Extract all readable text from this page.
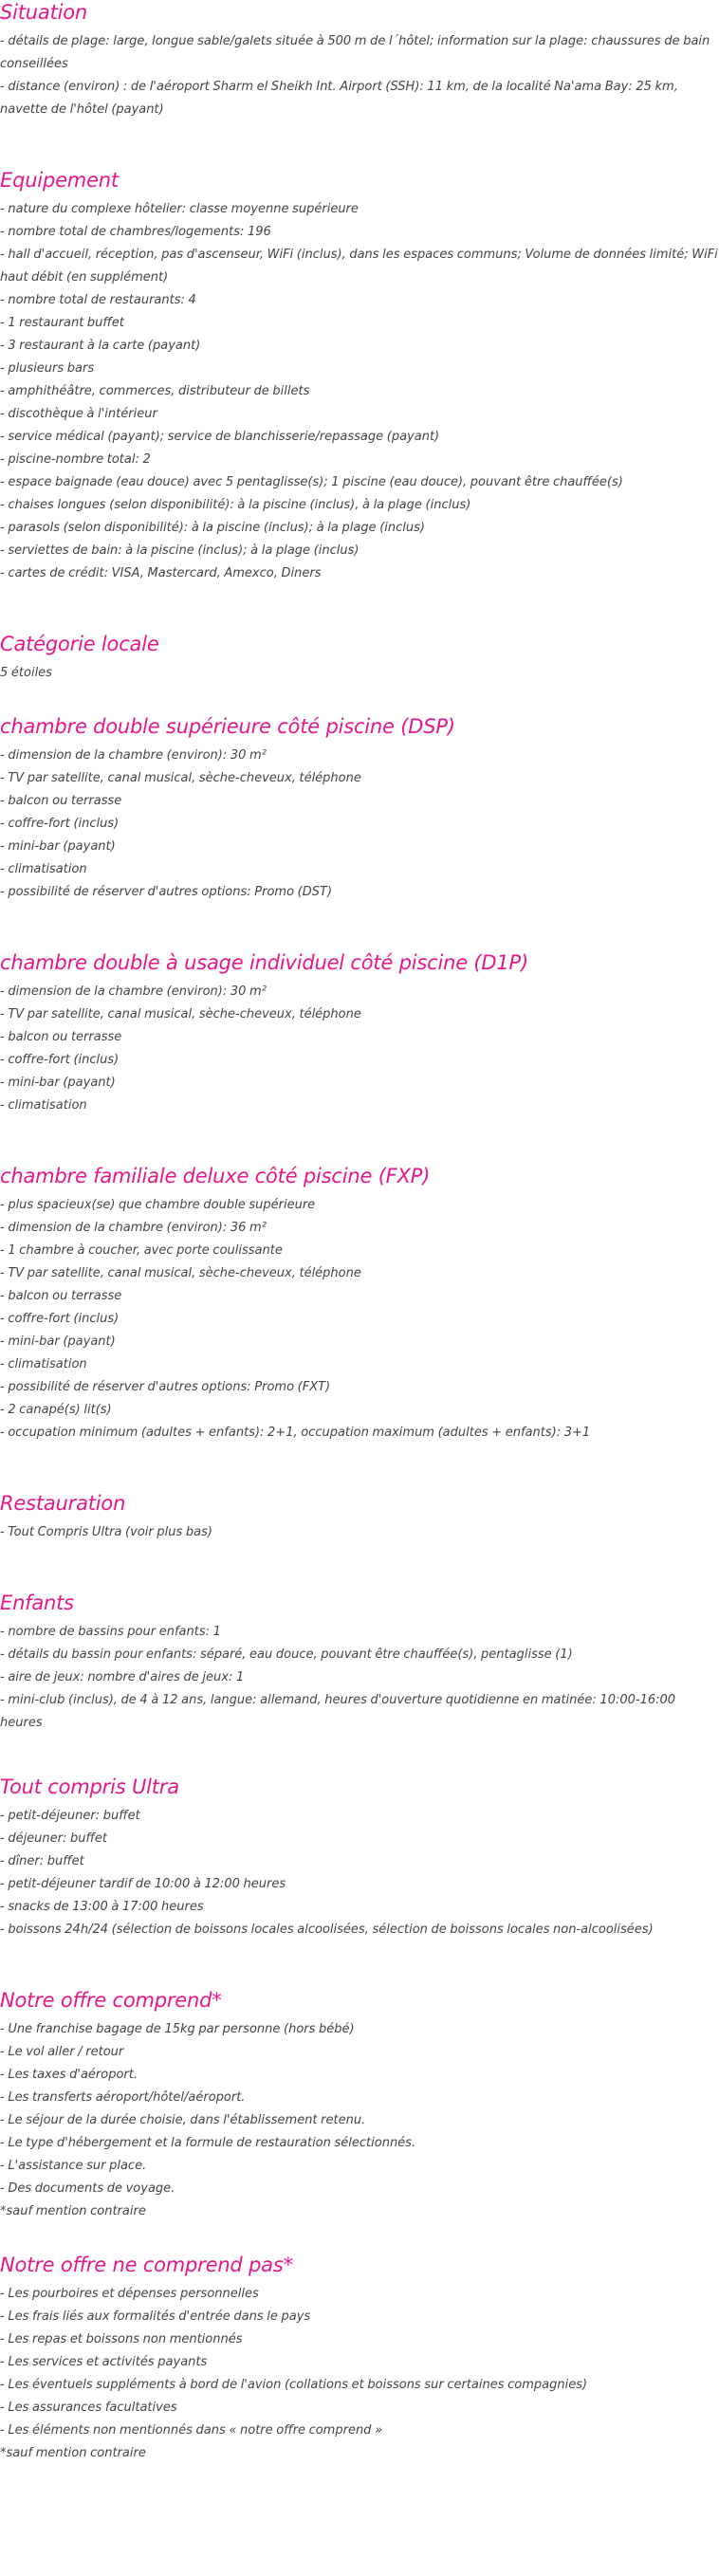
Situation

- détails de plage: large, longue sable/galets située à 500 m de l´hôtel; information sur la plage: chaussures de bain conseillées

- distance (environ) : de l'aéroport Sharm el Sheikh Int. Airport (SSH): 11 km, de la localité Na'ama Bay: 25 km, navette de l'hôtel (payant)

Equipement

- nature du complexe hôtelier: classe moyenne supérieure

- nombre total de chambres/logements: 196

- hall d'accueil, réception, pas d'ascenseur, WiFi (inclus), dans les espaces communs; Volume de données limité; WiFi haut débit (en supplément)

- nombre total de restaurants: 4

- 1 restaurant buffet

- 3 restaurant à la carte (payant)

- plusieurs bars

- amphithéâtre, commerces, distributeur de billets

- discothèque à l'intérieur

- service médical (payant); service de blanchisserie/repassage (payant)

- piscine-nombre total: 2

- espace baignade (eau douce) avec 5 pentaglisse(s); 1 piscine (eau douce), pouvant être chauffée(s)

- chaises longues (selon disponibilité): à la piscine (inclus), à la plage (inclus)

- parasols (selon disponibilité): à la piscine (inclus); à la plage (inclus)

- serviettes de bain: à la piscine (inclus); à la plage (inclus)

- cartes de crédit: VISA, Mastercard, Amexco, Diners

Catégorie locale

5 étoiles

chambre double supérieure côté piscine (DSP)

- dimension de la chambre (environ): 30 m²

- TV par satellite, canal musical, sèche-cheveux, téléphone

- balcon ou terrasse

- coffre-fort (inclus)

- mini-bar (payant)

- climatisation

- possibilité de réserver d'autres options: Promo (DST)

chambre double à usage individuel côté piscine (D1P)

- dimension de la chambre (environ): 30 m²

- TV par satellite, canal musical, sèche-cheveux, téléphone

- balcon ou terrasse

- coffre-fort (inclus)

- mini-bar (payant)

- climatisation

chambre familiale deluxe côté piscine (FXP)

- plus spacieux(se) que chambre double supérieure

- dimension de la chambre (environ): 36 m²

- 1 chambre à coucher, avec porte coulissante

- TV par satellite, canal musical, sèche-cheveux, téléphone

- balcon ou terrasse

- coffre-fort (inclus)

- mini-bar (payant)

- climatisation

- possibilité de réserver d'autres options: Promo (FXT)

- 2 canapé(s) lit(s)

- occupation minimum (adultes + enfants): 2+1, occupation maximum (adultes + enfants): 3+1

Restauration

- Tout Compris Ultra (voir plus bas)

Enfants

- nombre de bassins pour enfants: 1

- détails du bassin pour enfants: séparé, eau douce, pouvant être chauffée(s), pentaglisse (1)

- aire de jeux: nombre d'aires de jeux: 1

- mini-club (inclus), de 4 à 12 ans, langue: allemand, heures d'ouverture quotidienne en matinée: 10:00-16:00 heures

Tout compris Ultra

- petit-déjeuner: buffet

- déjeuner: buffet

- dîner: buffet

- petit-déjeuner tardif de 10:00 à 12:00 heures

- snacks de 13:00 à 17:00 heures

- boissons 24h/24 (sélection de boissons locales alcoolisées, sélection de boissons locales non-alcoolisées)

Notre offre comprend*

- Une franchise bagage de 15kg par personne (hors bébé)

- Le vol aller / retour

- Les taxes d'aéroport.

- Les transferts aéroport/hôtel/aéroport.

- Le séjour de la durée choisie, dans l'établissement retenu.

- Le type d'hébergement et la formule de restauration sélectionnés.

- L'assistance sur place.

- Des documents de voyage.

*sauf mention contraire

Notre offre ne comprend pas*

- Les pourboires et dépenses personnelles

- Les frais liés aux formalités d'entrée dans le pays

- Les repas et boissons non mentionnés

- Les services et activités payants

- Les éventuels suppléments à bord de l'avion (collations et boissons sur certaines compagnies)

- Les assurances facultatives

- Les éléments non mentionnés dans « notre offre comprend »

*sauf mention contraire
